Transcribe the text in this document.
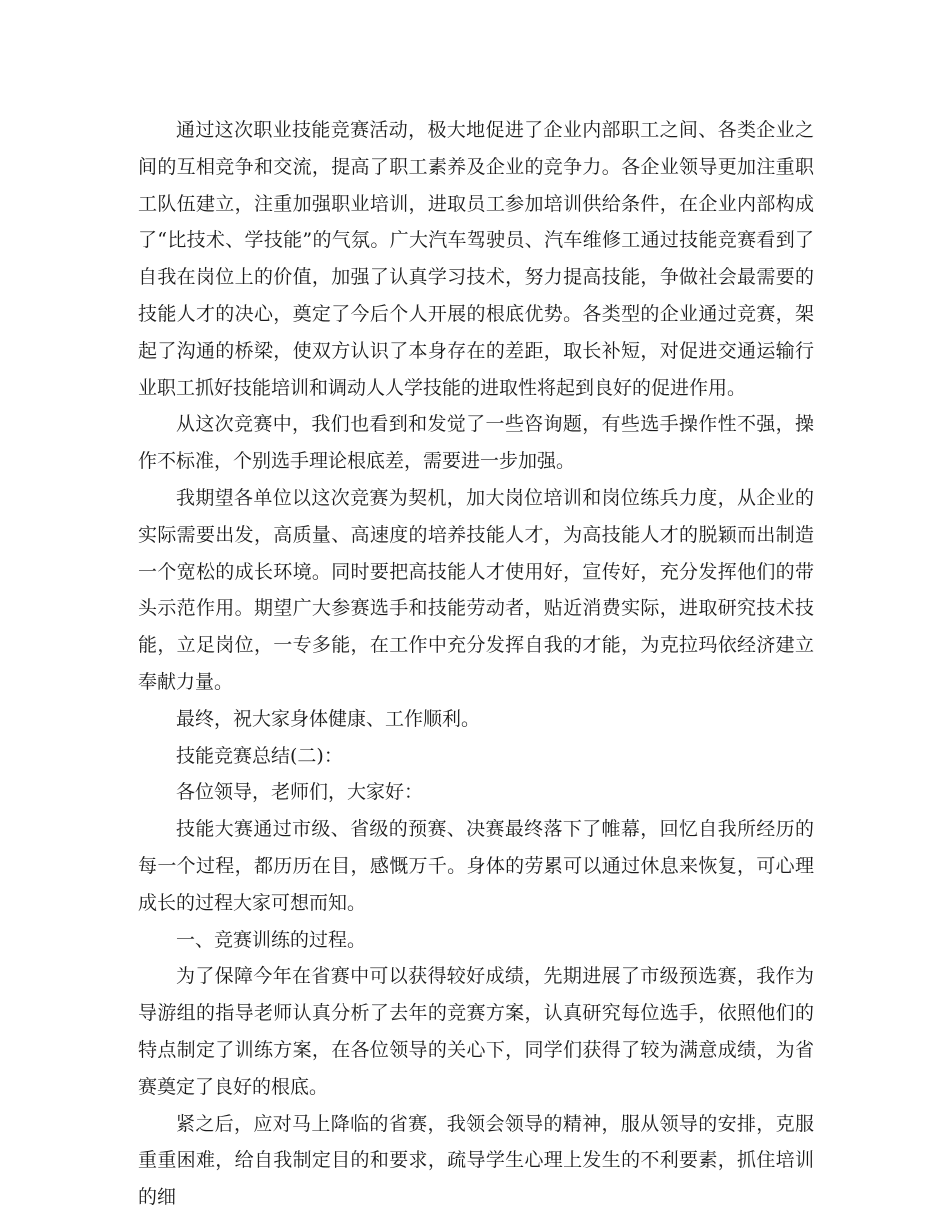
通过这次职业技能竞赛活动，极大地促进了企业内部职工之间、各类企业之间的互相竞争和交流，提高了职工素养及企业的竞争力。各企业领导更加注重职工队伍建立，注重加强职业培训，进取员工参加培训供给条件，在企业内部构成了“比技术、学技能”的气氛。广大汽车驾驶员、汽车维修工通过技能竞赛看到了自我在岗位上的价值，加强了认真学习技术，努力提高技能，争做社会最需要的技能人才的决心，奠定了今后个人开展的根底优势。各类型的企业通过竞赛，架起了沟通的桥梁，使双方认识了本身存在的差距，取长补短，对促进交通运输行业职工抓好技能培训和调动人人学技能的进取性将起到良好的促进作用。

从这次竞赛中，我们也看到和发觉了一些咨询题，有些选手操作性不强，操作不标准，个别选手理论根底差，需要进一步加强。

我期望各单位以这次竞赛为契机，加大岗位培训和岗位练兵力度，从企业的实际需要出发，高质量、高速度的培养技能人才，为高技能人才的脱颖而出制造一个宽松的成长环境。同时要把高技能人才使用好，宣传好，充分发挥他们的带头示范作用。期望广大参赛选手和技能劳动者，贴近消费实际，进取研究技术技能，立足岗位，一专多能，在工作中充分发挥自我的才能，为克拉玛依经济建立奉献力量。

最终，祝大家身体健康、工作顺利。

技能竞赛总结(二)：

各位领导，老师们，大家好：

技能大赛通过市级、省级的预赛、决赛最终落下了帷幕，回忆自我所经历的每一个过程，都历历在目，感慨万千。身体的劳累可以通过休息来恢复，可心理成长的过程大家可想而知。

一、竞赛训练的过程。

为了保障今年在省赛中可以获得较好成绩，先期进展了市级预选赛，我作为导游组的指导老师认真分析了去年的竞赛方案，认真研究每位选手，依照他们的特点制定了训练方案，在各位领导的关心下，同学们获得了较为满意成绩，为省赛奠定了良好的根底。

紧之后，应对马上降临的省赛，我领会领导的精神，服从领导的安排，克服重重困难，给自我制定目的和要求，疏导学生心理上发生的不利要素，抓住培训的细
